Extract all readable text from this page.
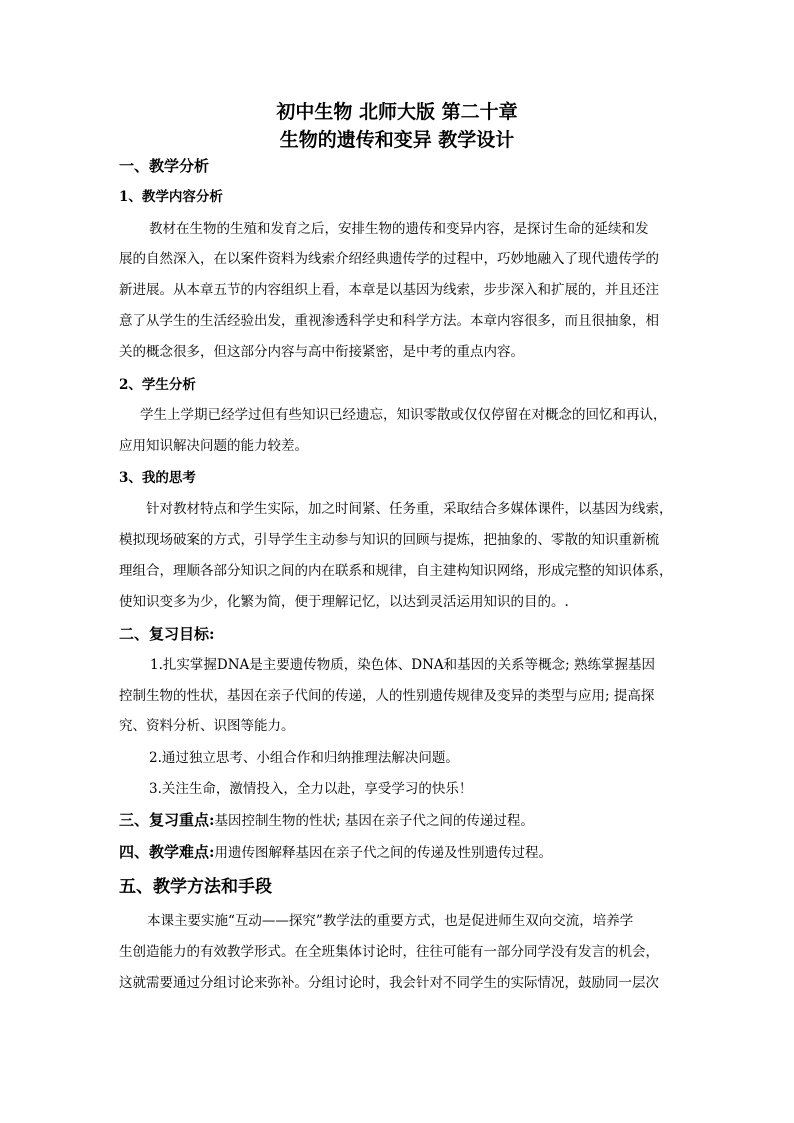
初中生物 北师大版 第二十章
生物的遗传和变异 教学设计
一、教学分析
1、教学内容分析
教材在生物的生殖和发育之后，安排生物的遗传和变异内容，是探讨生命的延续和发
展的自然深入，在以案件资料为线索介绍经典遗传学的过程中，巧妙地融入了现代遗传学的
新进展。从本章五节的内容组织上看，本章是以基因为线索，步步深入和扩展的，并且还注
意了从学生的生活经验出发，重视渗透科学史和科学方法。本章内容很多，而且很抽象，相
关的概念很多，但这部分内容与高中衔接紧密，是中考的重点内容。
2、学生分析
学生上学期已经学过但有些知识已经遗忘，知识零散或仅仅停留在对概念的回忆和再认，
应用知识解决问题的能力较差。
3、我的思考
针对教材特点和学生实际，加之时间紧、任务重，采取结合多媒体课件，以基因为线索，
模拟现场破案的方式，引导学生主动参与知识的回顾与提炼，把抽象的、零散的知识重新梳
理组合，理顺各部分知识之间的内在联系和规律，自主建构知识网络，形成完整的知识体系，
使知识变多为少，化繁为简，便于理解记忆，以达到灵活运用知识的目的。.
二、复习目标:
1.扎实掌握DNA是主要遗传物质，染色体、DNA和基因的关系等概念; 熟练掌握基因
控制生物的性状，基因在亲子代间的传递，人的性别遗传规律及变异的类型与应用; 提高探
究、资料分析、识图等能力。
2.通过独立思考、小组合作和归纳推理法解决问题。
3.关注生命，激情投入，全力以赴，享受学习的快乐！
三、复习重点:基因控制生物的性状; 基因在亲子代之间的传递过程。
四、教学难点:用遗传图解释基因在亲子代之间的传递及性别遗传过程。
五、教学方法和手段
本课主要实施“互动——探究”教学法的重要方式，也是促进师生双向交流，培养学
生创造能力的有效教学形式。在全班集体讨论时，往往可能有一部分同学没有发言的机会，
这就需要通过分组讨论来弥补。分组讨论时，我会针对不同学生的实际情况，鼓励同一层次
